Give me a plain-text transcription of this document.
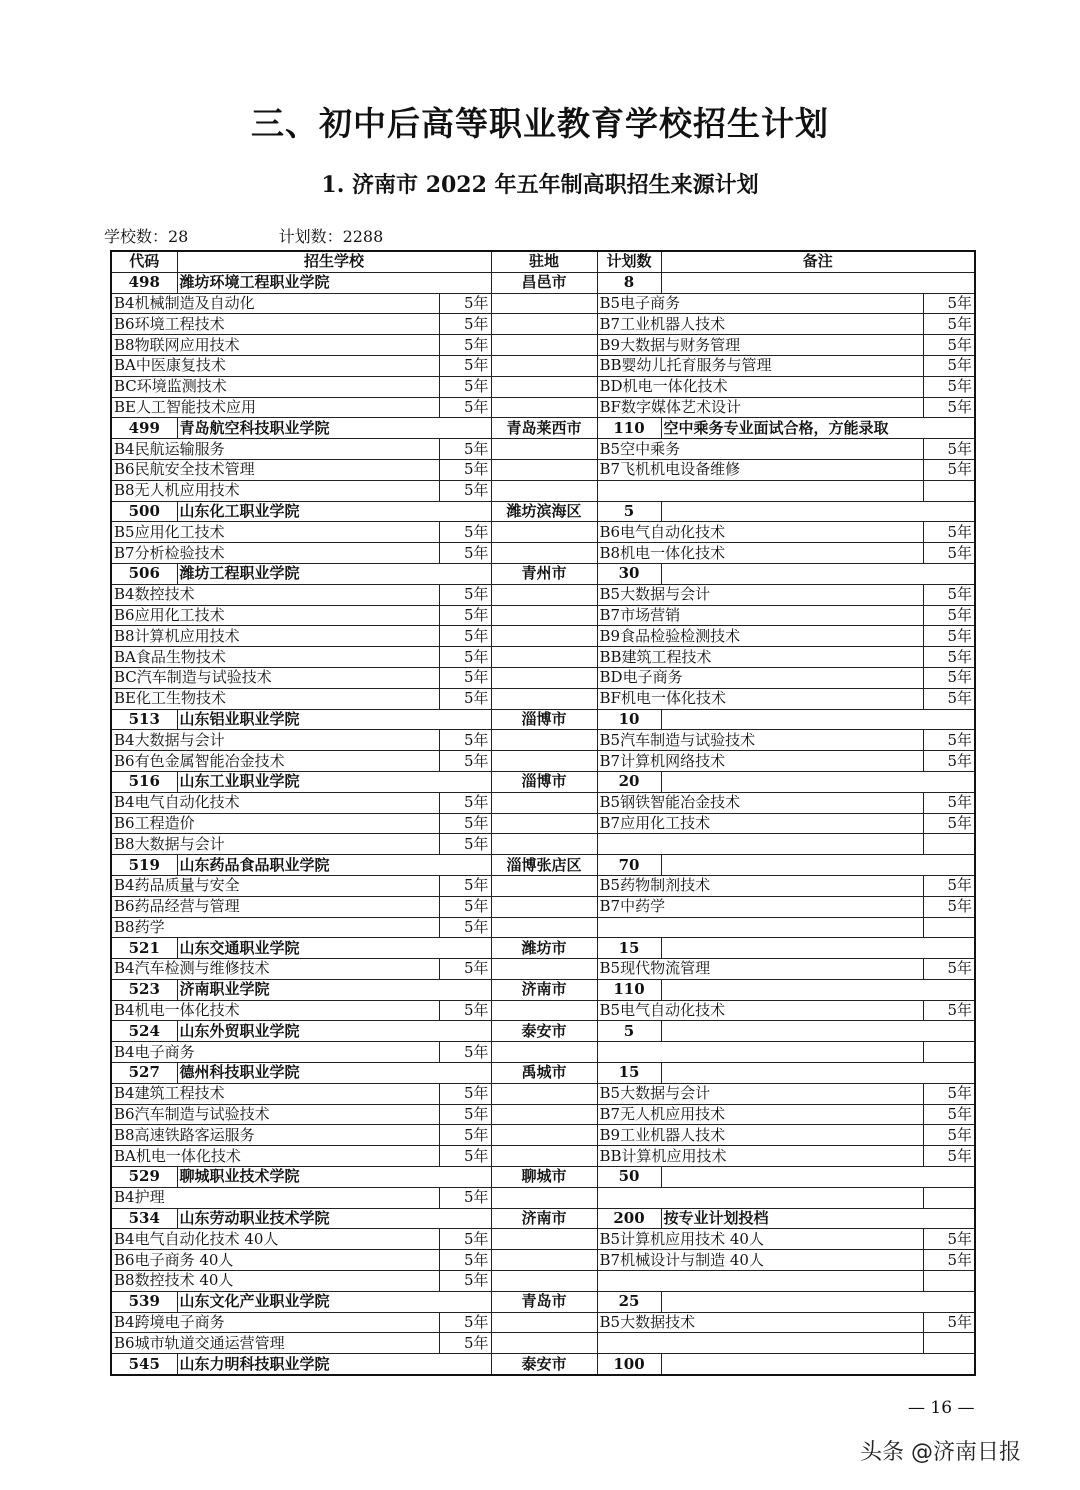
三、初中后高等职业教育学校招生计划
1. 济南市 2022 年五年制高职招生来源计划
学校数：28	计划数：2288
代码	招生学校		驻地	计划数	备注	
498	潍坊环境工程职业学院		昌邑市	8		
B4机械制造及自动化		5年		B5电子商务		5年
B6环境工程技术		5年		B7工业机器人技术		5年
B8物联网应用技术		5年		B9大数据与财务管理		5年
BA中医康复技术		5年		BB婴幼儿托育服务与管理		5年
BC环境监测技术		5年		BD机电一体化技术		5年
BE人工智能技术应用		5年		BF数字媒体艺术设计		5年
499	青岛航空科技职业学院		青岛莱西市	110	空中乘务专业面试合格，方能录取	
B4民航运输服务		5年		B5空中乘务		5年
B6民航安全技术管理		5年		B7飞机机电设备维修		5年
B8无人机应用技术		5年				
500	山东化工职业学院		潍坊滨海区	5		
B5应用化工技术		5年		B6电气自动化技术		5年
B7分析检验技术		5年		B8机电一体化技术		5年
506	潍坊工程职业学院		青州市	30		
B4数控技术		5年		B5大数据与会计		5年
B6应用化工技术		5年		B7市场营销		5年
B8计算机应用技术		5年		B9食品检验检测技术		5年
BA食品生物技术		5年		BB建筑工程技术		5年
BC汽车制造与试验技术		5年		BD电子商务		5年
BE化工生物技术		5年		BF机电一体化技术		5年
513	山东铝业职业学院		淄博市	10		
B4大数据与会计		5年		B5汽车制造与试验技术		5年
B6有色金属智能冶金技术		5年		B7计算机网络技术		5年
516	山东工业职业学院		淄博市	20		
B4电气自动化技术		5年		B5钢铁智能冶金技术		5年
B6工程造价		5年		B7应用化工技术		5年
B8大数据与会计		5年				
519	山东药品食品职业学院		淄博张店区	70		
B4药品质量与安全		5年		B5药物制剂技术		5年
B6药品经营与管理		5年		B7中药学		5年
B8药学		5年				
521	山东交通职业学院		潍坊市	15		
B4汽车检测与维修技术		5年		B5现代物流管理		5年
523	济南职业学院		济南市	110		
B4机电一体化技术		5年		B5电气自动化技术		5年
524	山东外贸职业学院		泰安市	5		
B4电子商务		5年				
527	德州科技职业学院		禹城市	15		
B4建筑工程技术		5年		B5大数据与会计		5年
B6汽车制造与试验技术		5年		B7无人机应用技术		5年
B8高速铁路客运服务		5年		B9工业机器人技术		5年
BA机电一体化技术		5年		BB计算机应用技术		5年
529	聊城职业技术学院		聊城市	50		
B4护理		5年				
534	山东劳动职业技术学院		济南市	200	按专业计划投档	
B4电气自动化技术 40人		5年		B5计算机应用技术 40人		5年
B6电子商务 40人		5年		B7机械设计与制造 40人		5年
B8数控技术 40人		5年				
539	山东文化产业职业学院		青岛市	25		
B4跨境电子商务		5年		B5大数据技术		5年
B6城市轨道交通运营管理		5年				
545	山东力明科技职业学院		泰安市	100		
— 16 —
头条 @济南日报
